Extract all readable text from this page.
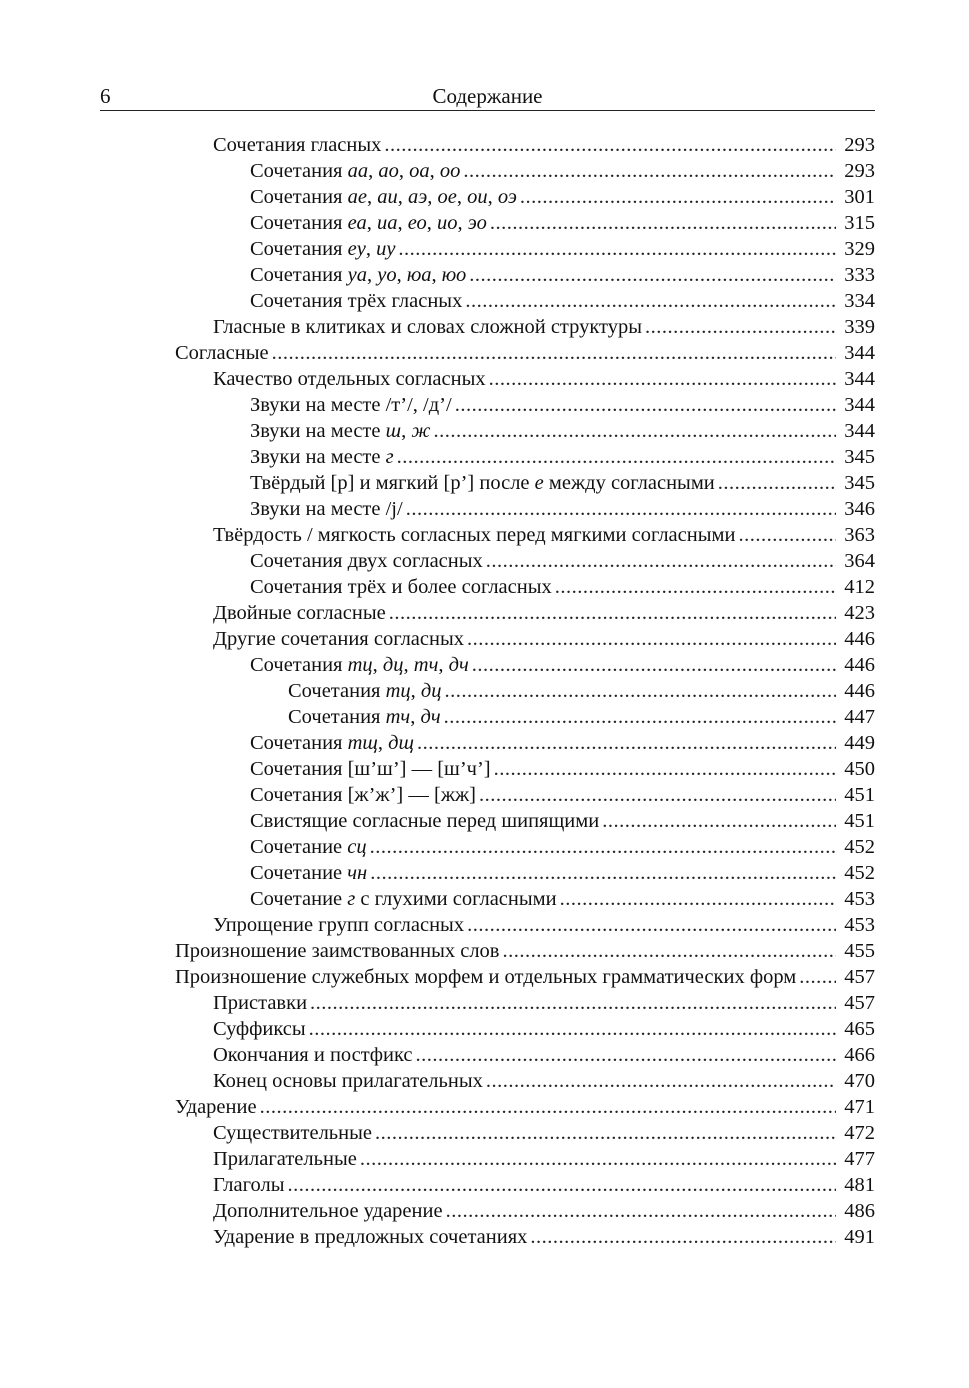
6	Содержание
Сочетания гласных .....	293
Сочетания аа, ао, оа, оо .....	293
Сочетания ае, аи, аэ, ое, ои, оэ .....	301
Сочетания еа, иа, ео, ио, эо .....	315
Сочетания еу, иу .....	329
Сочетания уа, уо, юа, юо .....	333
Сочетания трёх гласных .....	334
Гласные в клитиках и словах сложной структуры .....	339
Согласные .....	344
Качество отдельных согласных .....	344
Звуки на месте /т’/, /д’/ .....	344
Звуки на месте ш, ж .....	344
Звуки на месте г .....	345
Твёрдый [р] и мягкий [р’] после е между согласными .....	345
Звуки на месте /j/ .....	346
Твёрдость / мягкость согласных перед мягкими согласными .....	363
Сочетания двух согласных .....	364
Сочетания трёх и более согласных .....	412
Двойные согласные .....	423
Другие сочетания согласных .....	446
Сочетания тц, дц, тч, дч .....	446
Сочетания тц, дц .....	446
Сочетания тч, дч .....	447
Сочетания тщ, дщ .....	449
Сочетания [ш’ш’] — [ш’ч’] .....	450
Сочетания [ж’ж’] — [жж] .....	451
Свистящие согласные перед шипящими .....	451
Сочетание сц .....	452
Сочетание чн .....	452
Сочетание г с глухими согласными .....	453
Упрощение групп согласных .....	453
Произношение заимствованных слов .....	455
Произношение служебных морфем и отдельных грамматических форм ..... 457
Приставки .....	457
Суффиксы .....	465
Окончания и постфикс .....	466
Конец основы прилагательных .....	470
Ударение .....	471
Существительные .....	472
Прилагательные .....	477
Глаголы .....	481
Дополнительное ударение .....	486
Ударение в предложных сочетаниях .....	491
